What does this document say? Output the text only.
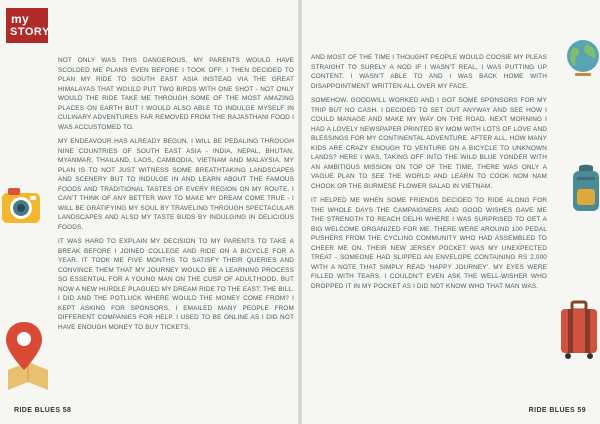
my
STORY

NOT ONLY WAS THIS DANGEROUS, MY PARENTS WOULD HAVE SCOLDED ME PLANS EVEN BEFORE I TOOK OFF. I THEN DECIDED TO PLAN MY RIDE TO SOUTH EAST ASIA INSTEAD VIA THE GREAT HIMALAYAS THAT WOULD PUT TWO BIRDS WITH ONE SHOT - NOT ONLY WOULD THE RIDE TAKE ME THROUGH SOME OF THE MOST AMAZING PLACES ON EARTH BUT I WOULD ALSO ABLE TO INDULGE MYSELF IN CULINARY ADVENTURES FAR REMOVED FROM THE RAJASTHANI FOOD I WAS ACCUSTOMED TO.

MY ENDEAVOUR HAS ALREADY BEGUN. I WILL BE PEDALING THROUGH NINE COUNTRIES OF SOUTH EAST ASIA - INDIA, NEPAL, BHUTAN, MYANMAR, THAILAND, LAOS, CAMBODIA, VIETNAM AND MALAYSIA. MY PLAN IS TO NOT JUST WITNESS SOME BREATHTAKING LANDSCAPES AND SCENERY BUT TO INDULGE IN AND LEARN ABOUT THE FAMOUS FOODS AND TRADITIONAL TASTES OF EVERY REGION ON MY ROUTE. I CAN'T THINK OF ANY BETTER WAY TO MAKE MY DREAM COME TRUE - I WILL BE GRATIFYING MY SOUL BY TRAVELING THROUGH SPECTACULAR LANDSCAPES AND ALSO MY TASTE BUDS BY INDULGING IN DELICIOUS FOODS.

IT WAS HARD TO EXPLAIN MY DECISION TO MY PARENTS TO TAKE A BREAK BEFORE I JOINED COLLEGE AND RIDE ON A BICYCLE FOR A YEAR. IT TOOK ME FIVE MONTHS TO SATISFY THEIR QUERIES AND CONVINCE THEM THAT MY JOURNEY WOULD BE A LEARNING PROCESS SO ESSENTIAL FOR A YOUNG MAN ON THE CUSP OF ADULTHOOD. BUT NOW A NEW HURDLE PLAGUED MY DREAM RIDE TO THE EAST: THE BILL. I DID AND THE POTLUCK WHERE WOULD THE MONEY COME FROM? I KEPT ASKING FOR SPONSORS, I EMAILED MANY PEOPLE FROM DIFFERENT COMPANIES FOR HELP. I USED TO BE ONLINE AS I DID NOT HAVE ENOUGH MONEY TO BUY TICKETS.

RIDE BLUES 58

AND MOST OF THE TIME I THOUGHT PEOPLE WOULD COOSIE MY PLEAS STRAIGHT TO SURELY A NOD IF I WASN'T REAL, I WAS PUTTING UP CONTENT. I WASN'T ABLE TO AND I WAS BACK HOME WITH DISAPPOINTMENT WRITTEN ALL OVER MY FACE.

SOMEHOW, GOODWILL WORKED AND I GOT SOME SPONSORS FOR MY TRIP BUT NO CASH. I DECIDED TO SET OUT ANYWAY AND SEE HOW I COULD MANAGE AND MAKE MY WAY ON THE ROAD. NEXT MORNING I HAD A LOVELY NEWSPAPER PRINTED BY MOM WITH LOTS OF LOVE AND BLESSINGS FOR MY CONTINENTAL ADVENTURE. AFTER ALL, HOW MANY KIDS ARE CRAZY ENOUGH TO VENTURE ON A BICYCLE TO UNKNOWN LANDS? HERE I WAS, TAKING OFF INTO THE WILD BLUE YONDER WITH AN AMBITIOUS MISSION ON TOP OF THE TIME, THERE WAS ONLY A VAGUE PLAN TO SEE THE WORLD AND LEARN TO COOK NOM NAM CHOOK OR THE BURMESE FLOWER SALAD IN VIETNAM.

IT HELPED ME WHEN SOME FRIENDS DECIDED TO RIDE ALONG FOR THE WHOLE DAYS THE CAMPAIGNERS AND GOOD WISHES GAVE ME THE STRENGTH TO REACH DELHI WHERE I WAS SURPRISED TO GET A BIG WELCOME ORGANIZED FOR ME. THERE WERE AROUND 100 PEDAL PUSHERS FROM THE CYCLING COMMUNITY WHO HAD ASSEMBLED TO CHEER ME ON. THEIR NEW JERSEY POCKET WAS MY UNEXPECTED TREAT - SOMEONE HAD SLIPPED AN ENVELOPE CONTAINING RS 2,000 WITH A NOTE THAT SIMPLY READ 'HAPPY JOURNEY'. MY EYES WERE FILLED WITH TEARS. I COULDN'T EVEN ASK THE WELL-WISHER WHO DROPPED IT IN MY POCKET AS I DID NOT KNOW WHO THAT MAN WAS.

RIDE BLUES 59
